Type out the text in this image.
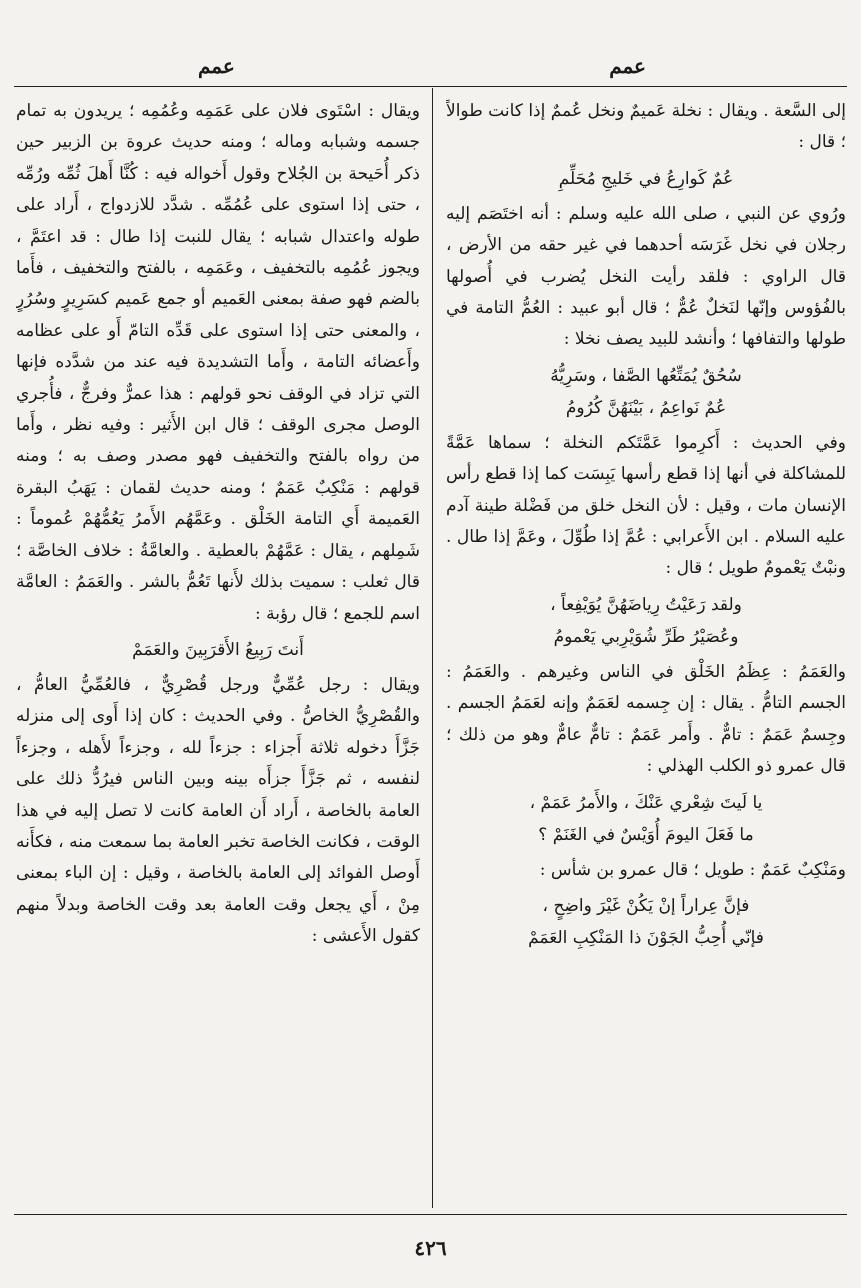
عمم
عمم

إلى السَّعة . ويقال : نخلة عَميمٌ ونخل عُممٌ إذا كانت طوالاً ؛ قال :

عُمٌ كَوارِعُ في خَليجِ مُحَلِّمِ

ورُوي عن النبي ، صلى الله عليه وسلم : أنه اختَصَم إليه رجلان في نخل غَرَسَه أحدهما في غير حقه من الأرض ، قال الراوي : فلقد رأيت النخل يُضرب في أُصولها بالفُؤوس وإنّها لنَخلٌ عُمٌّ ؛ قال أبو عبيد : العُمُّ التامة في طولها والتفافها ؛ وأنشد للبيد يصف نخلا :

سُحُقٌ يُمَتِّعُها الصَّفا ، وسَرِيُّهُ
عُمٌ نَواعِمُ ، بَيْنَهُنَّ كُرُومُ

وفي الحديث : أَكرِموا عَمَّتَكم النخلة ؛ سماها عَمَّةً للمشاكلة في أنها إذا قطع رأسها يَبِسَت كما إذا قطع رأس الإنسان مات ، وقيل : لأن النخل خلق من فَضْلة طينة آدم عليه السلام . ابن الأَعرابي : عُمَّ إذا طُوِّلَ ، وعَمَّ إذا طال . ونبْتٌ يَعْمومٌ طويل ؛ قال :

ولقد رَعَيْتُ رِياضَهُنَّ يُوَيْفِعاً ،
وعُصَيْرُ طَرِّ شُوَيْرِبي يَعْمومُ

والعَمَمُ : عِظَمُ الخَلْق في الناس وغيرهم . والعَمَمُ : الجسم التامُّ . يقال : إن جِسمه لعَمَمٌ وإنه لعَمَمُ الجسم . وجِسمٌ عَمَمٌ : تامٌّ . وأَمر عَمَمٌ : تامٌّ عامٌّ وهو من ذلك ؛ قال عمرو ذو الكلب الهذلي :

يا لَيتَ شِعْري عَنْكَ ، والأَمرُ عَمَمْ ،
ما فَعَلَ اليومَ أُوَيْسٌ في الغَنَمْ ؟

ومَنْكِبٌ عَمَمٌ : طويل ؛ قال عمرو بن شأس :

فإنَّ عِراراً إنْ يَكُنْ غَيْرَ واضِحٍ ،
فإنّي أُحِبُّ الجَوْنَ ذا المَنْكِبِ العَمَمْ

ويقال : اسْتَوى فلان على عَمَمِه وعُمُمِه ؛ يريدون به تمام جسمه وشبابه وماله ؛ ومنه حديث عروة بن الزبير حين ذكر أُحَيحة بن الجُلاح وقول أَخواله فيه : كُنَّا أَهلَ ثُمِّه ورُمِّه ، حتى إذا استوى على عُمُمِّه . شدَّد للازدواج ، أَراد على طوله واعتدال شبابه ؛ يقال للنبت إذا طال : قد اعتَمَّ ، ويجوز عُمُمِه بالتخفيف ، وعَمَمِه ، بالفتح والتخفيف ، فأَما بالضم فهو صفة بمعنى العَميم أو جمع عَميم كسَرِيرٍ وسُرُرٍ ، والمعنى حتى إذا استوى على قَدِّه التامّ أَو على عظامه وأَعضائه التامة ، وأَما التشديدة فيه عند من شدَّده فإنها التي تزاد في الوقف نحو قولهم : هذا عمرٌّ وفرجٌّ ، فأُجري الوصل مجرى الوقف ؛ قال ابن الأَثير : وفيه نظر ، وأَما من رواه بالفتح والتخفيف فهو مصدر وصف به ؛ ومنه قولهم : مَنْكِبٌ عَمَمٌ ؛ ومنه حديث لقمان : يَهَبُ البقرة العَميمة أَي التامة الخَلْق . وعَمَّهُم الأَمرُ يَعُمُّهُمْ عُموماً : شَمِلهم ، يقال : عَمَّهُمْ بالعطية . والعامَّةُ : خلاف الخاصَّة ؛ قال ثعلب : سميت بذلك لأَنها تَعُمُّ بالشر . والعَمَمُ : العامَّة اسم للجمع ؛ قال رؤبة :

أَنتَ رَبِيعُ الأَقرَبِينَ والعَمَمْ

ويقال : رجل عُمِّيٌّ ورجل قُصْرِيٌّ ، فالعُمِّيُّ العامُّ ، والقُصْرِيُّ الخاصُّ . وفي الحديث : كان إذا أَوى إلى منزله جَزَّأَ دخوله ثلاثة أَجزاء : جزءاً لله ، وجزءاً لأَهله ، وجزءاً لنفسه ، ثم جَزَّأَ جزأَه بينه وبين الناس فيرُدُّ ذلك على العامة بالخاصة ، أَراد أَن العامة كانت لا تصل إليه في هذا الوقت ، فكانت الخاصة تخبر العامة بما سمعت منه ، فكأَنه أَوصل الفوائد إلى العامة بالخاصة ، وقيل : إن الباء بمعنى مِنْ ، أَي يجعل وقت العامة بعد وقت الخاصة وبدلاً منهم كقول الأَعشى :

٤٢٦
